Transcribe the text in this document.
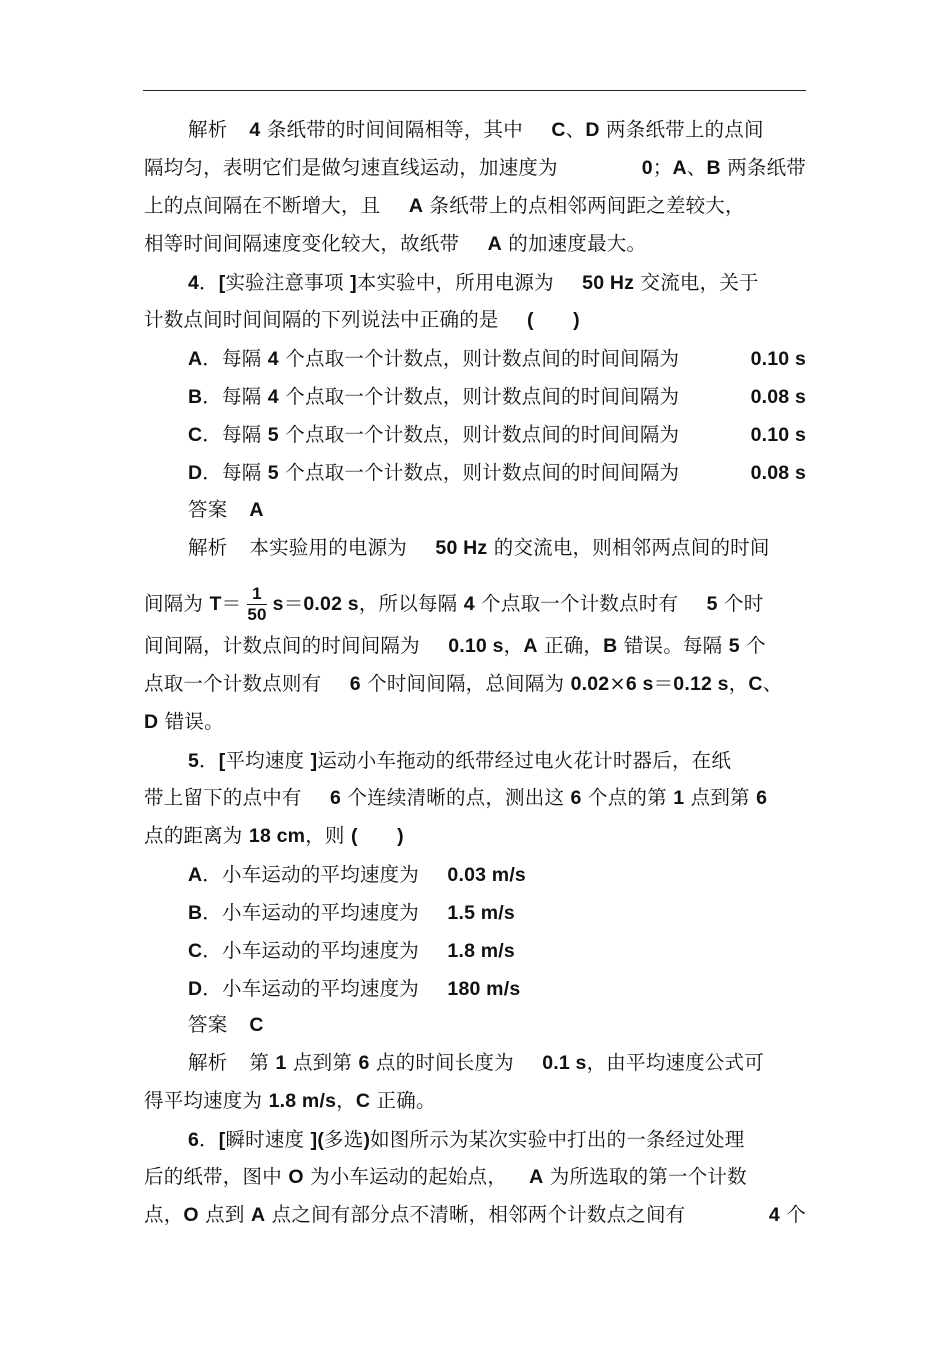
解析 4 条纸带的时间间隔相等，其中 C、D 两条纸带上的点间
隔均匀，表明它们是做匀速直线运动，加速度为	0；A、B 两条纸带
上的点间隔在不断增大，且 A 条纸带上的点相邻两间距之差较大，
相等时间间隔速度变化较大，故纸带 A 的加速度最大。
4．[实验注意事项 ]本实验中，所用电源为 50 Hz 交流电，关于
计数点间时间间隔的下列说法中正确的是 (　　 )
A．每隔 4 个点取一个计数点，则计数点间的时间间隔为	0.10 s
B．每隔 4 个点取一个计数点，则计数点间的时间间隔为	0.08 s
C．每隔 5 个点取一个计数点，则计数点间的时间间隔为	0.10 s
D．每隔 5 个点取一个计数点，则计数点间的时间间隔为	0.08 s
答案 A
解析 本实验用的电源为 50 Hz 的交流电，则相邻两点间的时间
间隔为 $T= \frac{1}{50} s=0.02$ s，所以每隔 4 个点取一个计数点时有 5 个时
间间隔，计数点间的时间间隔为 0.10 s，A 正确，B 错误。每隔 5 个
点取一个计数点则有 6 个时间间隔，总间隔为 0.02×6 s＝0.12 s，C、
D 错误。
5．[平均速度 ]运动小车拖动的纸带经过电火花计时器后，在纸
带上留下的点中有 6 个连续清晰的点，测出这 6 个点的第 1 点到第 6
点的距离为 18 cm，则 (　　 )
A．小车运动的平均速度为 0.03 m/s
B．小车运动的平均速度为 1.5 m/s
C．小车运动的平均速度为 1.8 m/s
D．小车运动的平均速度为 180 m/s
答案 C
解析 第 1 点到第 6 点的时间长度为 0.1 s，由平均速度公式可
得平均速度为 1.8 m/s，C 正确。
6．[瞬时速度 ](多选)如图所示为某次实验中打出的一条经过处理
后的纸带，图中 O 为小车运动的起始点， A 为所选取的第一个计数
点，O 点到 A 点之间有部分点不清晰，相邻两个计数点之间有	4 个
